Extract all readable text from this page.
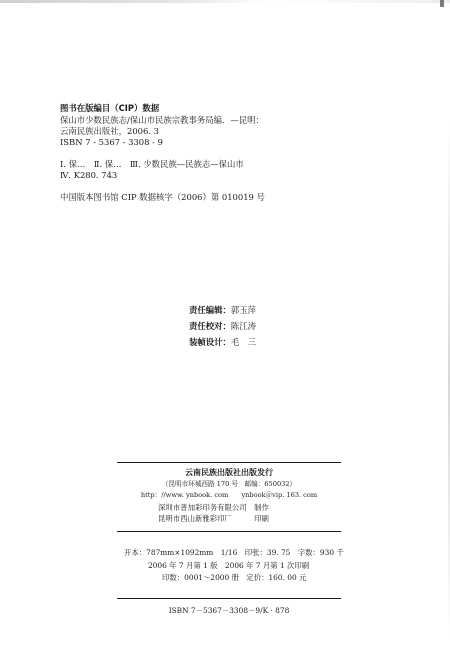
图书在版编目（CIP）数据
保山市少数民族志/保山市民族宗教事务局编．—昆明：
云南民族出版社，2006. 3
ISBN 7 - 5367 - 3308 - 9
Ⅰ. 保…　Ⅱ. 保…　Ⅲ. 少数民族—民族志—保山市
Ⅳ. K280. 743
中国版本图书馆 CIP 数据核字（2006）第 010019 号
责任编辑：郭玉萍
责任校对：陈江涛
装帧设计：毛　三
云南民族出版社出版发行
（昆明市环城西路 170 号　邮编：650032）
http：//www. ynbook. com　　ynbook＠vip. 163. com
深圳市普加彩印务有限公司　制作
昆明市西山新雅彩印厂　　　印刷
开本：787mm×1092mm　1/16　印张：39. 75　字数：930 千
2006 年 7 月第 1 版　2006 年 7 月第 1 次印刷
印数：0001～2000 册　定价：160. 00 元
ISBN 7－5367－3308－9/K · 878
